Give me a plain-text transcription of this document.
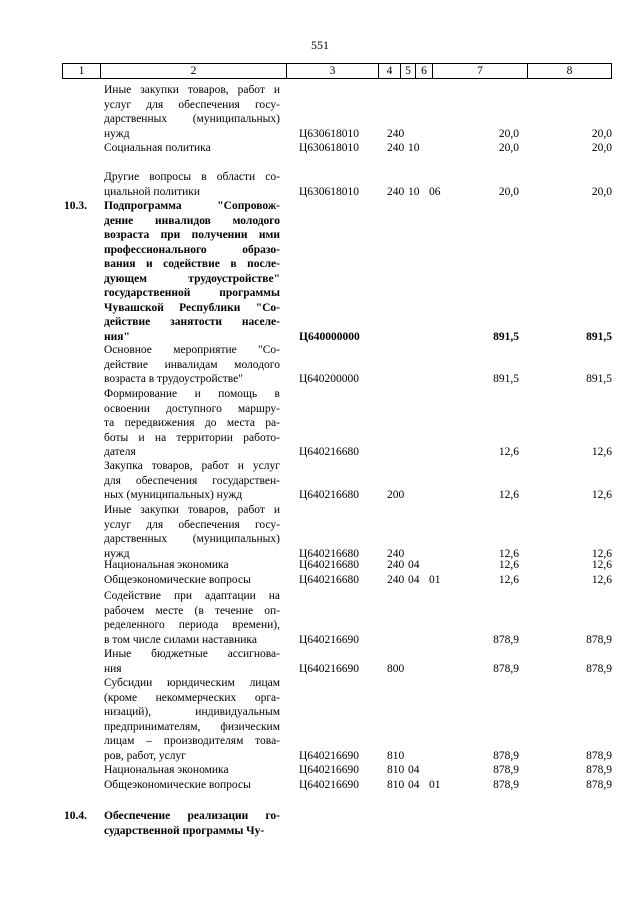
551
1	2	3	4	5 6	7	8
Иные закупки товаров, работ и
услуг для обеспечения госу-
дарственных (муниципальных)
нужд	Ц630618010 240	20,0	20,0
Социальная политика	Ц630618010 240 10	20,0	20,0
Другие вопросы в области со-
циальной политики	Ц630618010 240 10 06	20,0	20,0
10.3.	Подпрограмма "Сопровож-
дение инвалидов молодого
возраста при получении ими
профессионального образо-
вания и содействие в после-
дующем трудоустройстве"
государственной программы
Чувашской Республики "Со-
действие занятости населе-
ния"	Ц640000000	891,5	891,5
Основное мероприятие "Со-
действие инвалидам молодого
возраста в трудоустройстве"	Ц640200000	891,5	891,5
Формирование и помощь в
освоении доступного маршру-
та передвижения до места ра-
боты и на территории работо-
дателя	Ц640216680	12,6	12,6
Закупка товаров, работ и услуг
для обеспечения государствен-
ных (муниципальных) нужд	Ц640216680 200	12,6	12,6
Иные закупки товаров, работ и
услуг для обеспечения госу-
дарственных (муниципальных)
нужд	Ц640216680 240	12,6	12,6
Национальная экономика	Ц640216680 240 04	12,6	12,6
Общеэкономические вопросы	Ц640216680 240 04 01	12,6	12,6
Содействие при адаптации на
рабочем месте (в течение оп-
ределенного периода времени),
в том числе силами наставника	Ц640216690	878,9	878,9
Иные бюджетные ассигнова-
ния	Ц640216690 800	878,9	878,9
Субсидии юридическим лицам
(кроме некоммерческих орга-
низаций), индивидуальным
предпринимателям, физическим
лицам – производителям това-
ров, работ, услуг	Ц640216690 810	878,9	878,9
Национальная экономика	Ц640216690 810 04	878,9	878,9
Общеэкономические вопросы	Ц640216690 810 04 01	878,9	878,9
10.4.	Обеспечение реализации го-
сударственной программы Чу-
